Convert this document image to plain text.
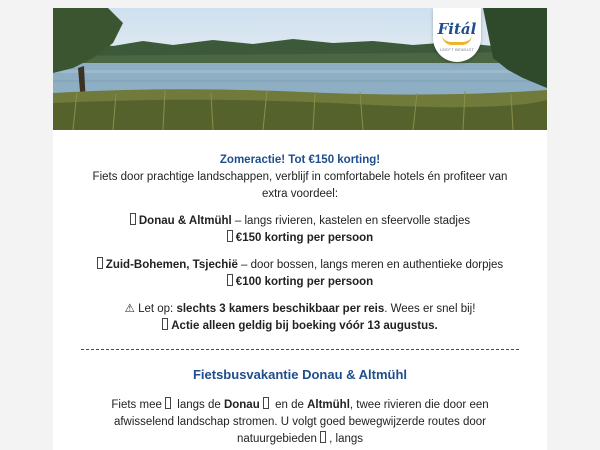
Fitál
LEEFT BEWUST

Zomeractie! Tot €150 korting!

Fiets door prachtige landschappen, verblijf in comfortabele hotels én profiteer van extra voordeel:

Donau & Altmühl – langs rivieren, kastelen en sfeervolle stadjes

€150 korting per persoon

Zuid-Bohemen, Tsjechië – door bossen, langs meren en authentieke dorpjes

€100 korting per persoon

⚠ Let op: slechts 3 kamers beschikbaar per reis. Wees er snel bij!

Actie alleen geldig bij boeking vóór 13 augustus.

Fietsbusvakantie Donau & Altmühl

Fiets mee  langs de Donau  en de Altmühl, twee rivieren die door een afwisselend landschap stromen. U volgt goed bewegwijzerde routes door natuurgebieden , langs
